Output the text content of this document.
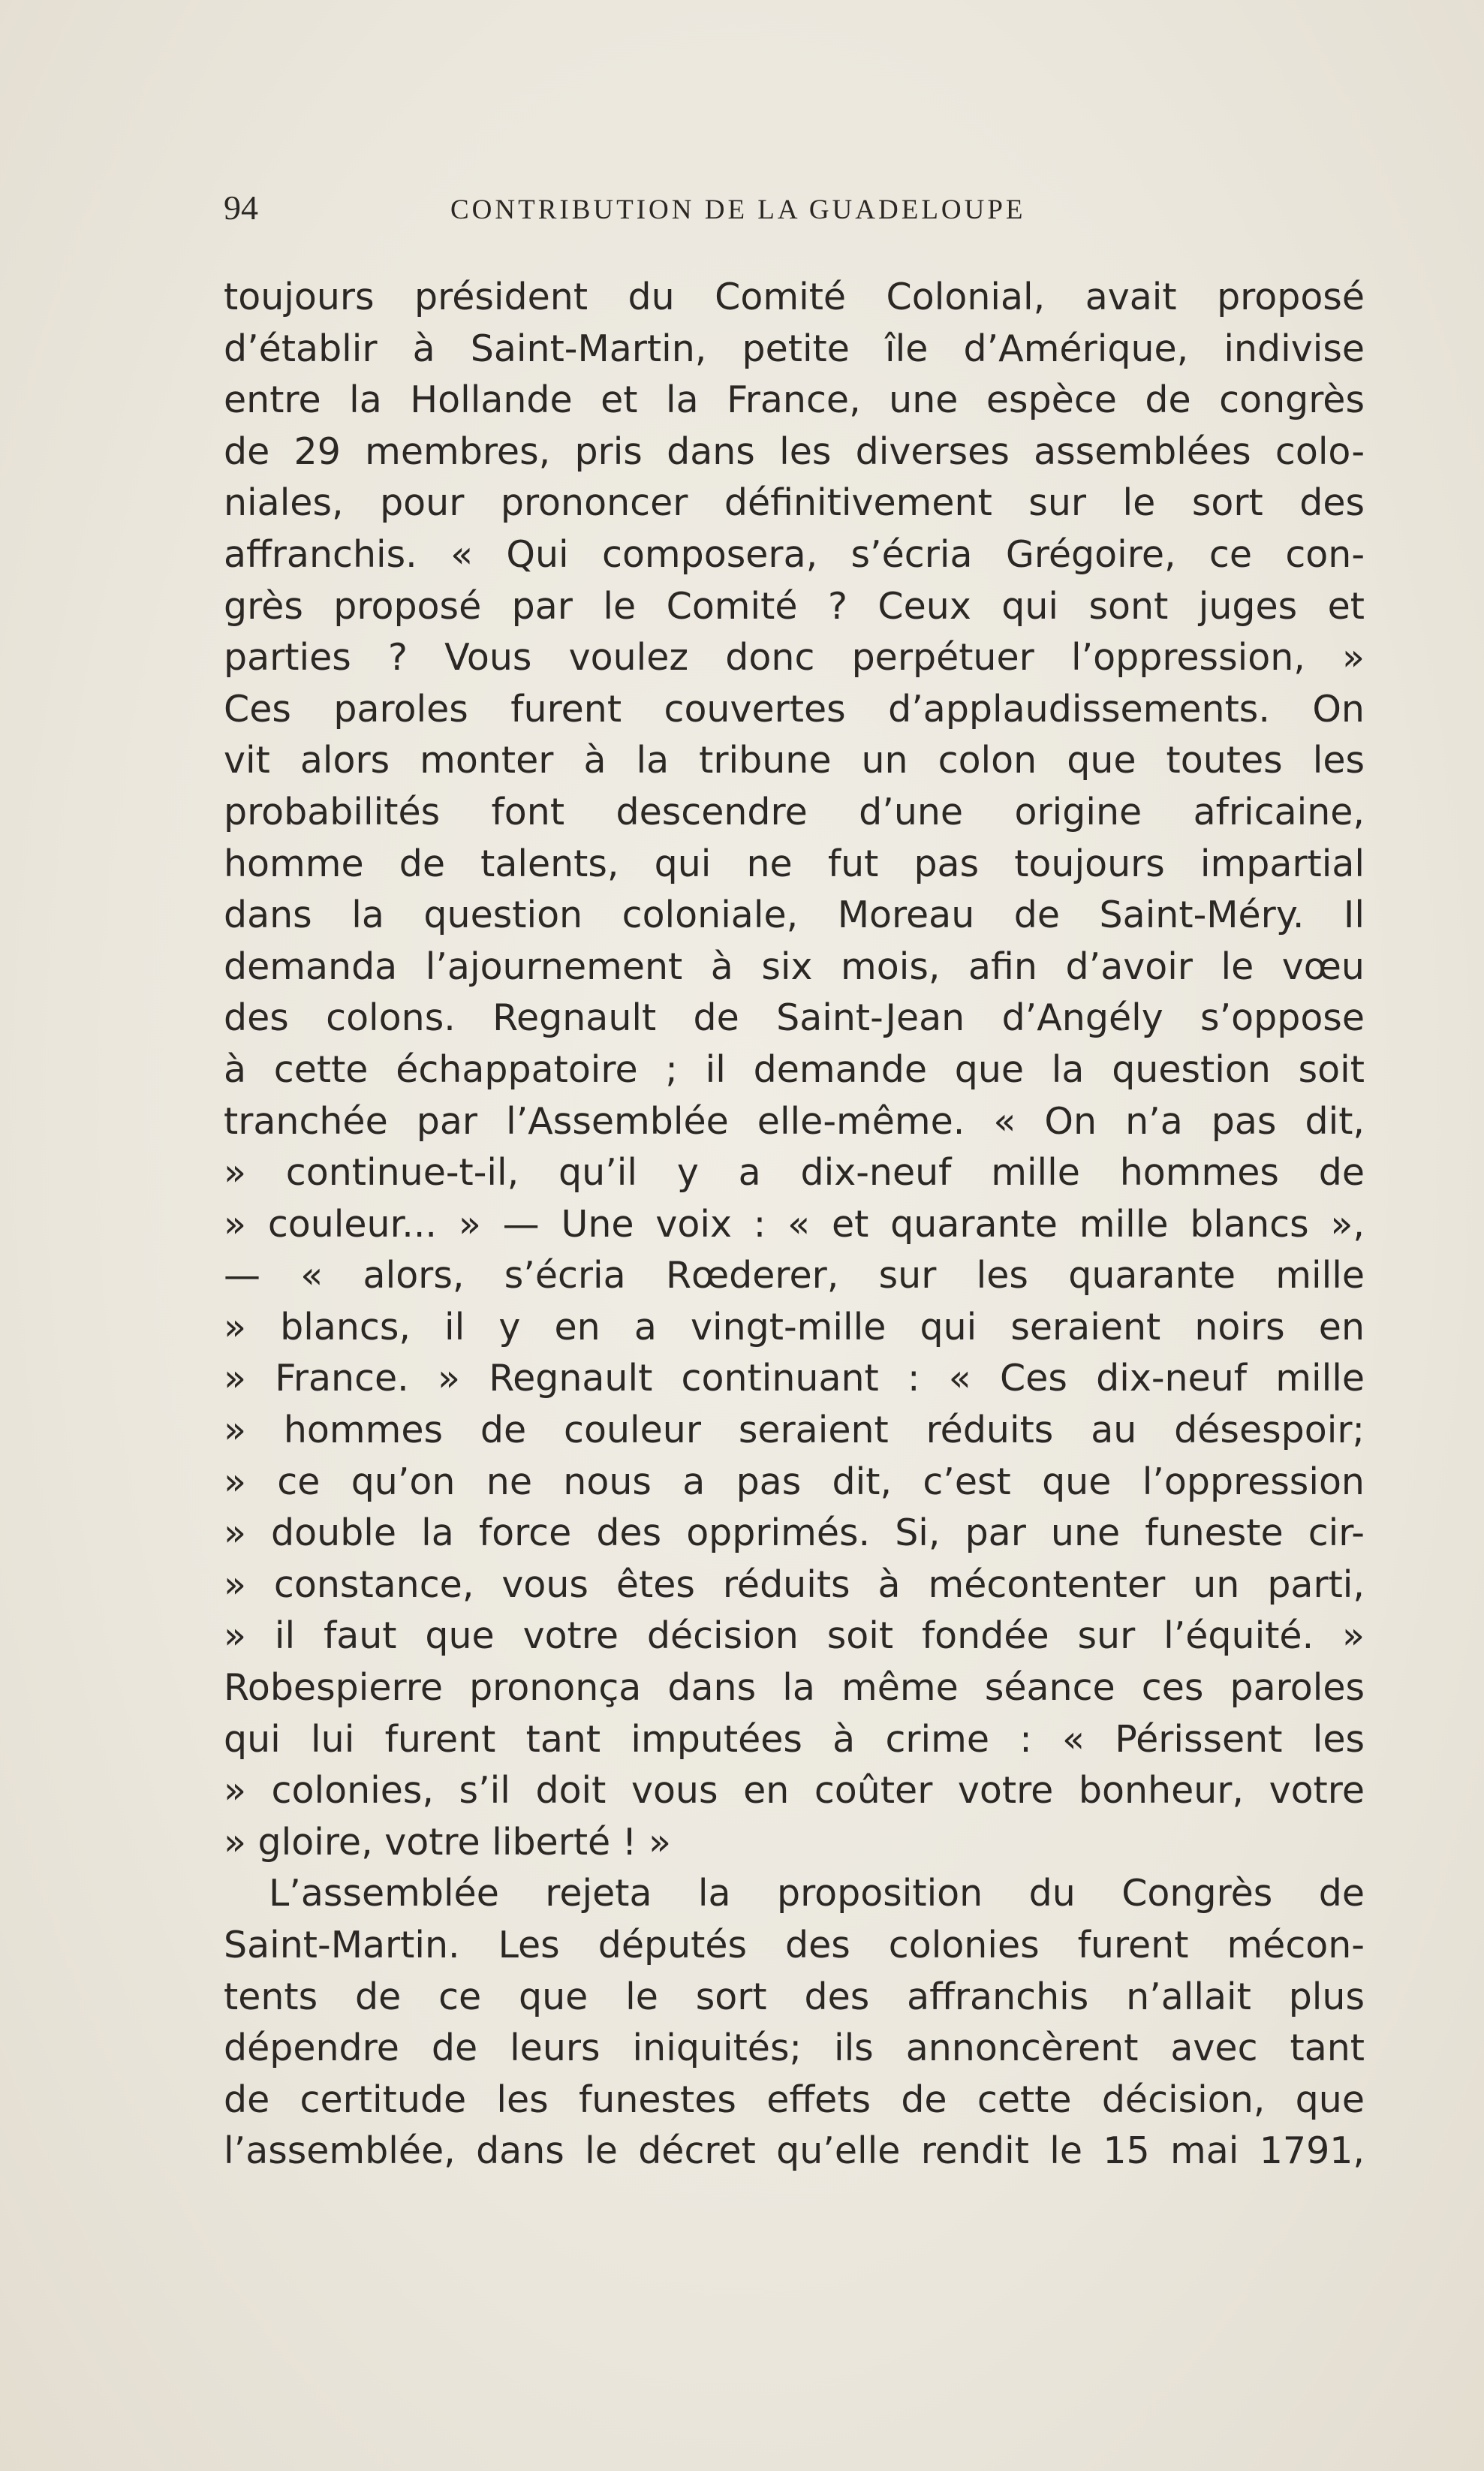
94	CONTRIBUTION DE LA GUADELOUPE
toujours président du Comité Colonial, avait proposé
d’établir à Saint-Martin, petite île d’Amérique, indivise
entre la Hollande et la France, une espèce de congrès
de 29 membres, pris dans les diverses assemblées colo-
niales, pour prononcer définitivement sur le sort des
affranchis. « Qui composera, s’écria Grégoire, ce con-
grès proposé par le Comité ? Ceux qui sont juges et
parties ? Vous voulez donc perpétuer l’oppression, »
Ces paroles furent couvertes d’applaudissements. On
vit alors monter à la tribune un colon que toutes les
probabilités font descendre d’une origine africaine,
homme de talents, qui ne fut pas toujours impartial
dans la question coloniale, Moreau de Saint-Méry. Il
demanda l’ajournement à six mois, afin d’avoir le vœu
des colons. Regnault de Saint-Jean d’Angély s’oppose
à cette échappatoire ; il demande que la question soit
tranchée par l’Assemblée elle-même. « On n’a pas dit,
» continue-t-il, qu’il y a dix-neuf mille hommes de
» couleur... » — Une voix : « et quarante mille blancs »,
— « alors, s’écria Rœderer, sur les quarante mille
» blancs, il y en a vingt-mille qui seraient noirs en
» France. » Regnault continuant : « Ces dix-neuf mille
» hommes de couleur seraient réduits au désespoir;
» ce qu’on ne nous a pas dit, c’est que l’oppression
» double la force des opprimés. Si, par une funeste cir-
» constance, vous êtes réduits à mécontenter un parti,
» il faut que votre décision soit fondée sur l’équité. »
Robespierre prononça dans la même séance ces paroles
qui lui furent tant imputées à crime : « Périssent les
» colonies, s’il doit vous en coûter votre bonheur, votre
» gloire, votre liberté ! »
L’assemblée rejeta la proposition du Congrès de
Saint-Martin. Les députés des colonies furent mécon-
tents de ce que le sort des affranchis n’allait plus
dépendre de leurs iniquités; ils annoncèrent avec tant
de certitude les funestes effets de cette décision, que
l’assemblée, dans le décret qu’elle rendit le 15 mai 1791,
